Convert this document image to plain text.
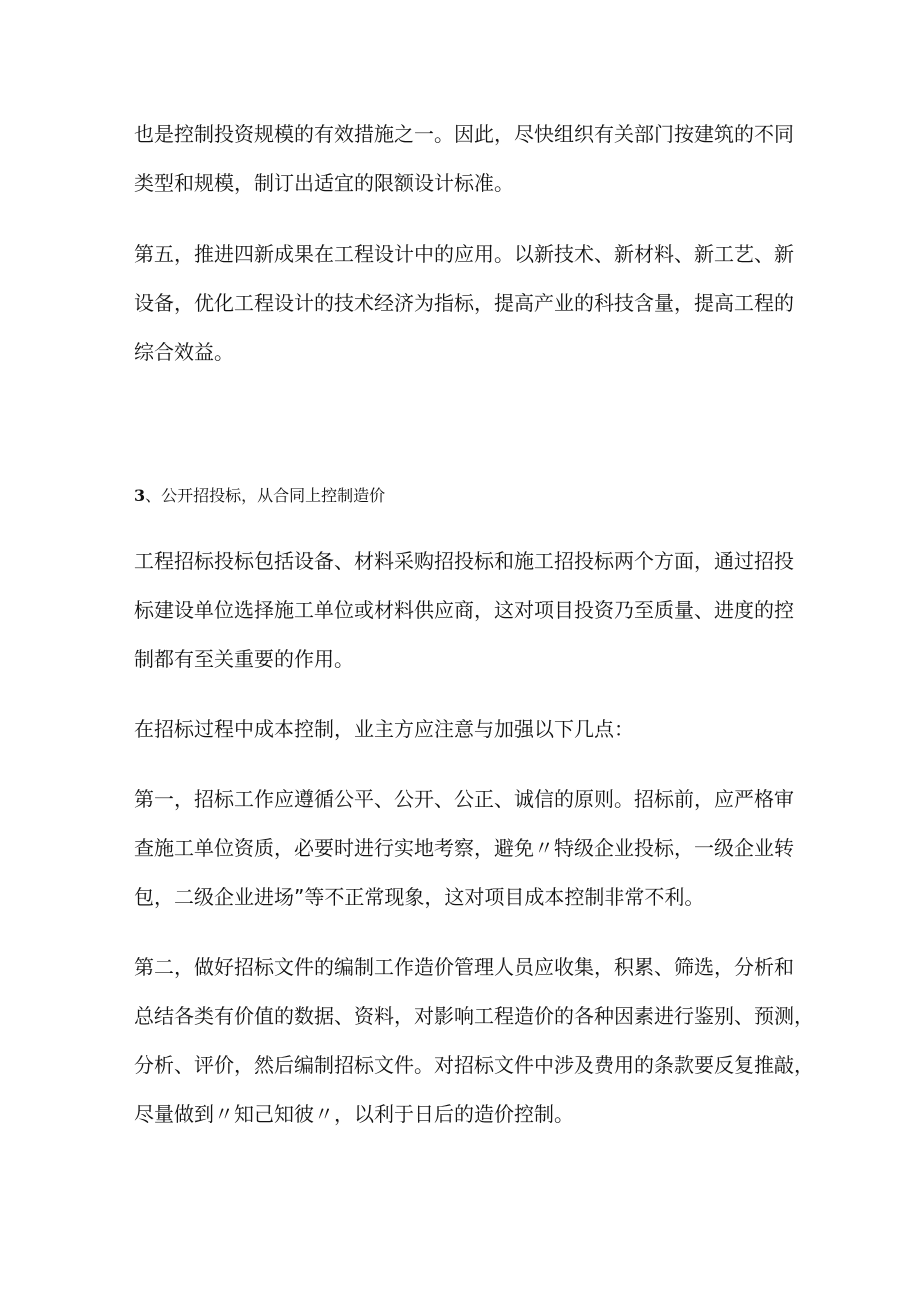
也是控制投资规模的有效措施之一。因此，尽快组织有关部门按建筑的不同
类型和规模，制订出适宜的限额设计标准。
第五，推进四新成果在工程设计中的应用。以新技术、新材料、新工艺、新
设备，优化工程设计的技术经济为指标，提高产业的科技含量，提高工程的
综合效益。
3、公开招投标，从合同上控制造价
工程招标投标包括设备、材料采购招投标和施工招投标两个方面，通过招投
标建设单位选择施工单位或材料供应商，这对项目投资乃至质量、进度的控
制都有至关重要的作用。
在招标过程中成本控制，业主方应注意与加强以下几点：
第一，招标工作应遵循公平、公开、公正、诚信的原则。招标前，应严格审
查施工单位资质，必要时进行实地考察，避免〃特级企业投标，一级企业转
包，二级企业进场”等不正常现象，这对项目成本控制非常不利。
第二，做好招标文件的编制工作造价管理人员应收集，积累、筛选，分析和
总结各类有价值的数据、资料，对影响工程造价的各种因素进行鉴别、预测，
分析、评价，然后编制招标文件。对招标文件中涉及费用的条款要反复推敲，
尽量做到〃知己知彼〃，以利于日后的造价控制。
